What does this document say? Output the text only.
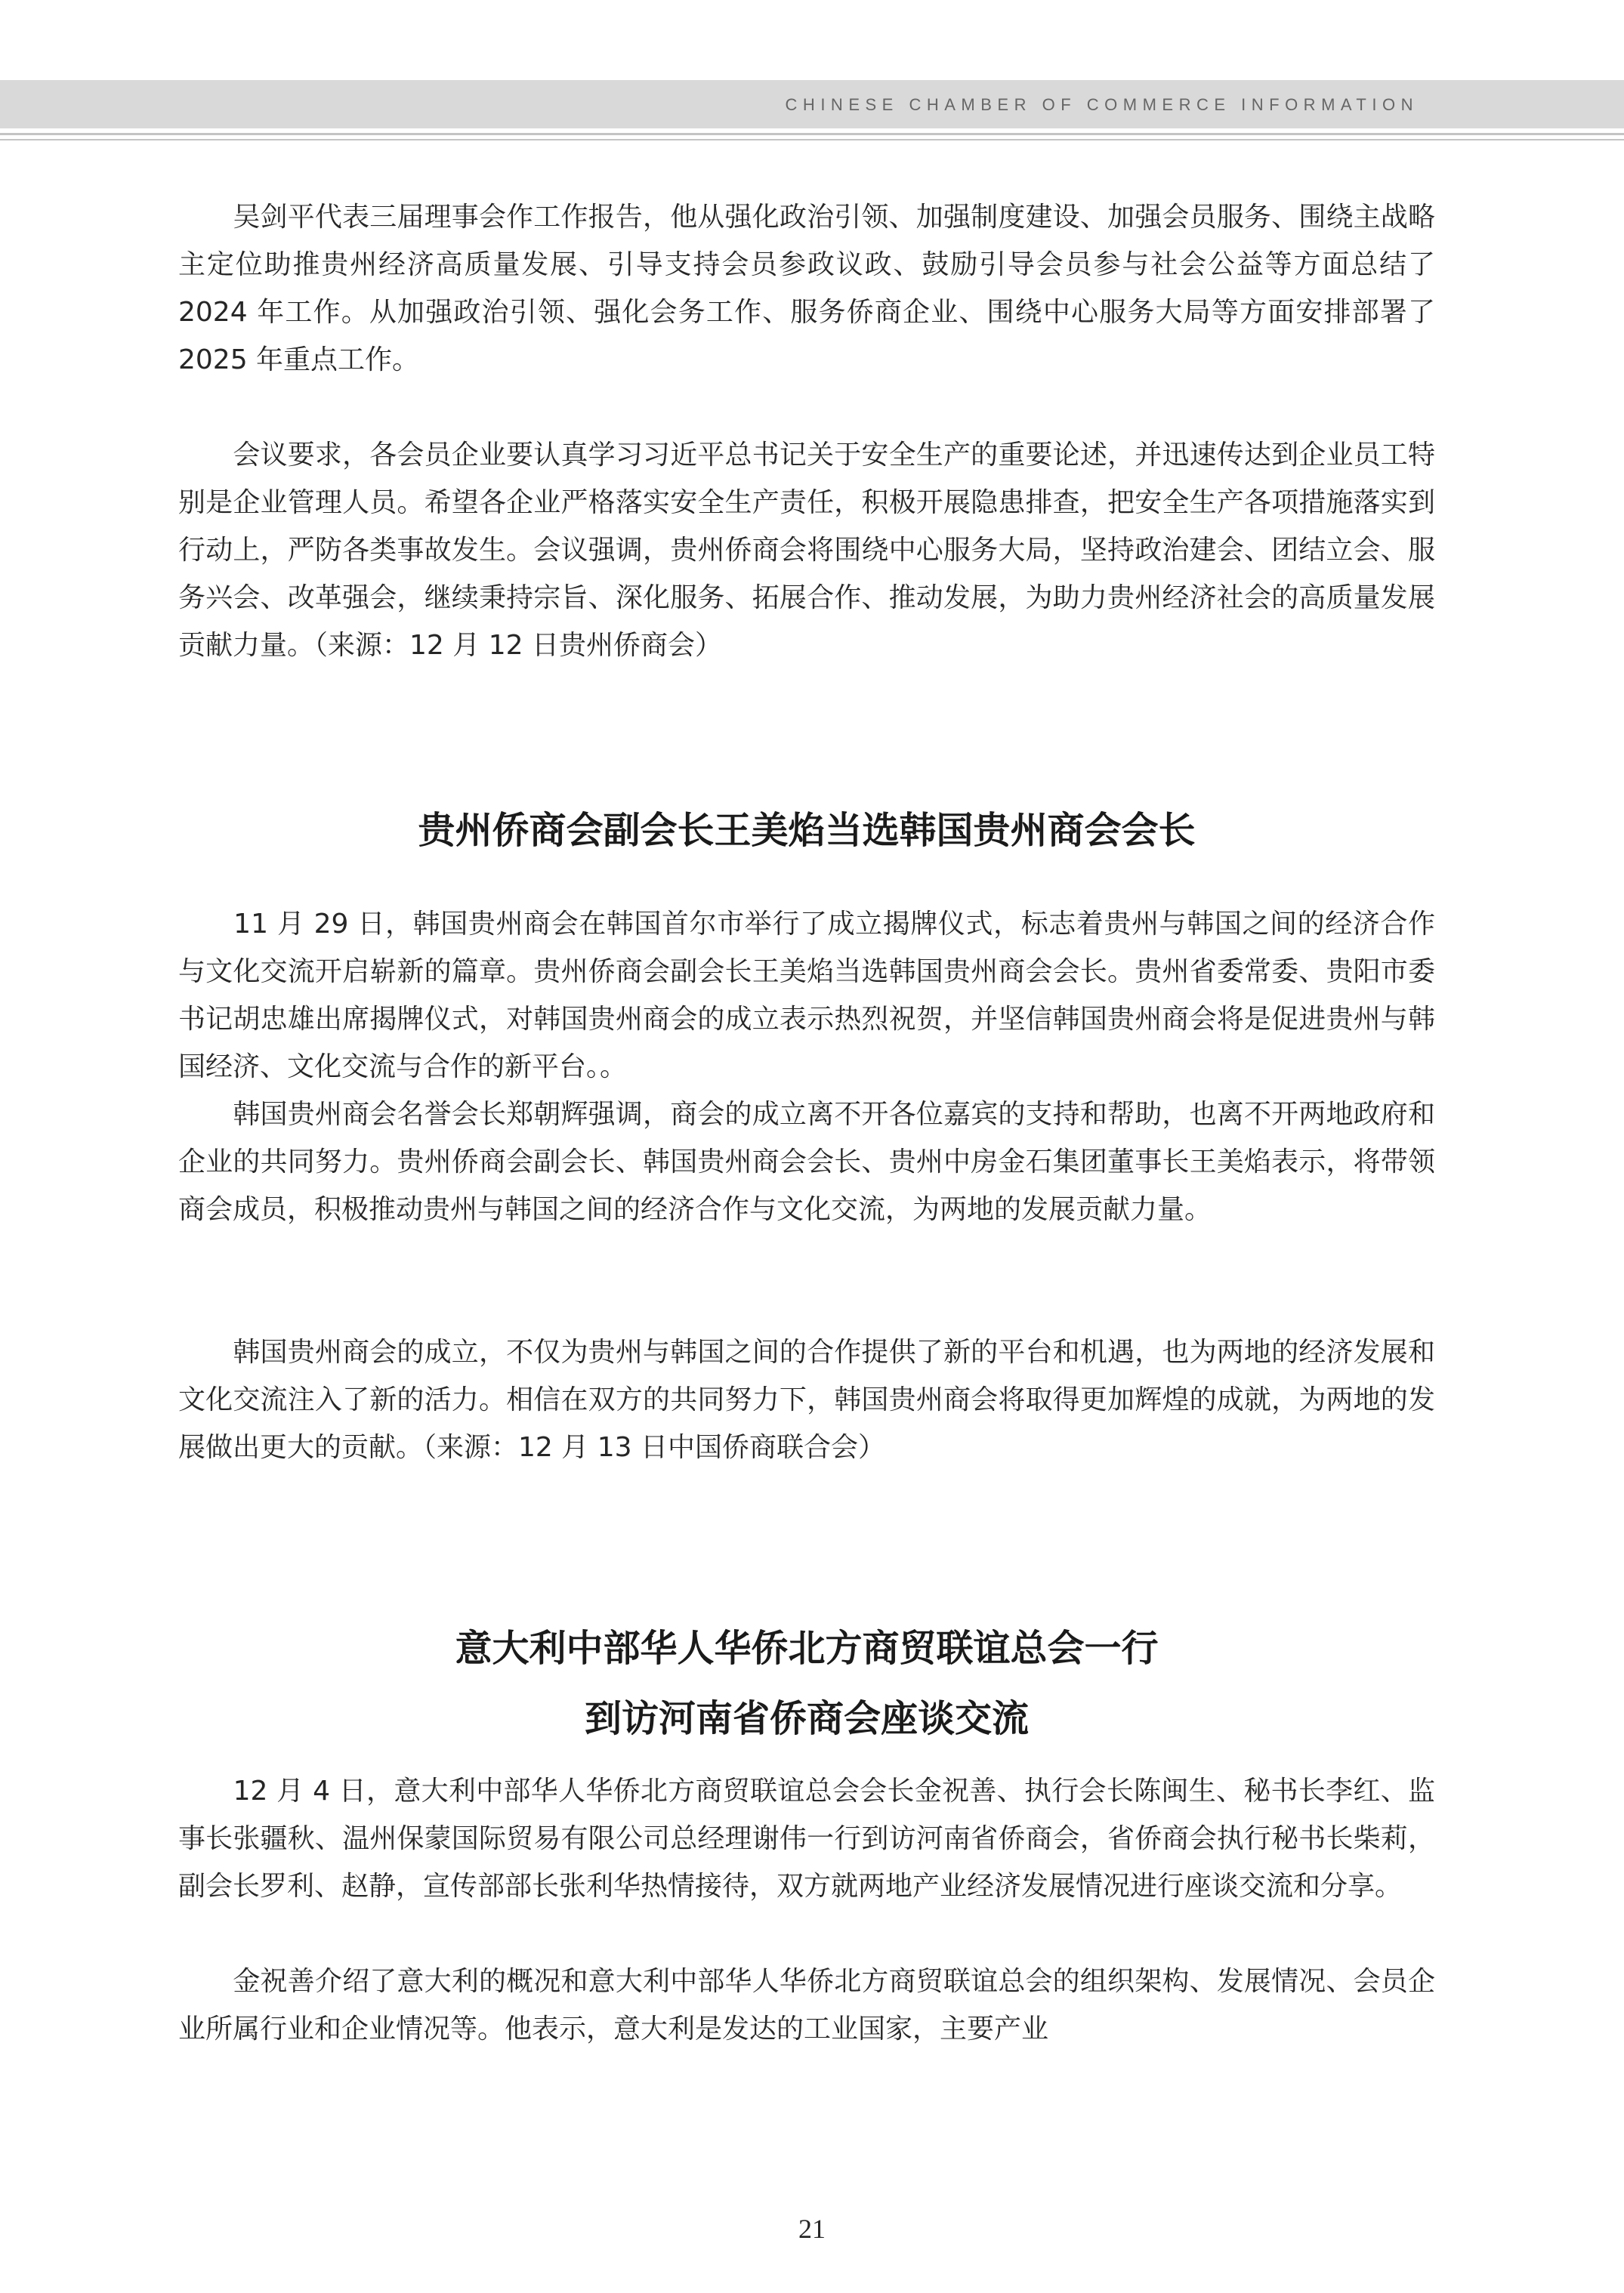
CHINESE CHAMBER OF COMMERCE INFORMATION

　　吴剑平代表三届理事会作工作报告，他从强化政治引领、加强制度建设、加强会员服务、围绕主战略主定位助推贵州经济高质量发展、引导支持会员参政议政、鼓励引导会员参与社会公益等方面总结了 2024 年工作。从加强政治引领、强化会务工作、服务侨商企业、围绕中心服务大局等方面安排部署了 2025 年重点工作。

　　会议要求，各会员企业要认真学习习近平总书记关于安全生产的重要论述，并迅速传达到企业员工特别是企业管理人员。希望各企业严格落实安全生产责任，积极开展隐患排查，把安全生产各项措施落实到行动上，严防各类事故发生。会议强调，贵州侨商会将围绕中心服务大局，坚持政治建会、团结立会、服务兴会、改革强会，继续秉持宗旨、深化服务、拓展合作、推动发展，为助力贵州经济社会的高质量发展贡献力量。（来源：12 月 12 日贵州侨商会）

贵州侨商会副会长王美焰当选韩国贵州商会会长

　　11 月 29 日，韩国贵州商会在韩国首尔市举行了成立揭牌仪式，标志着贵州与韩国之间的经济合作与文化交流开启崭新的篇章。贵州侨商会副会长王美焰当选韩国贵州商会会长。贵州省委常委、贵阳市委书记胡忠雄出席揭牌仪式，对韩国贵州商会的成立表示热烈祝贺，并坚信韩国贵州商会将是促进贵州与韩国经济、文化交流与合作的新平台。。

　　韩国贵州商会名誉会长郑朝辉强调，商会的成立离不开各位嘉宾的支持和帮助，也离不开两地政府和企业的共同努力。贵州侨商会副会长、韩国贵州商会会长、贵州中房金石集团董事长王美焰表示，将带领商会成员，积极推动贵州与韩国之间的经济合作与文化交流，为两地的发展贡献力量。

　　韩国贵州商会的成立，不仅为贵州与韩国之间的合作提供了新的平台和机遇，也为两地的经济发展和文化交流注入了新的活力。相信在双方的共同努力下，韩国贵州商会将取得更加辉煌的成就，为两地的发展做出更大的贡献。（来源：12 月 13 日中国侨商联合会）

意大利中部华人华侨北方商贸联谊总会一行
到访河南省侨商会座谈交流

　　12 月 4 日，意大利中部华人华侨北方商贸联谊总会会长金祝善、执行会长陈闽生、秘书长李红、监事长张疆秋、温州保蒙国际贸易有限公司总经理谢伟一行到访河南省侨商会，省侨商会执行秘书长柴莉，副会长罗利、赵静，宣传部部长张利华热情接待，双方就两地产业经济发展情况进行座谈交流和分享。

　　金祝善介绍了意大利的概况和意大利中部华人华侨北方商贸联谊总会的组织架构、发展情况、会员企业所属行业和企业情况等。他表示，意大利是发达的工业国家，主要产业

21
